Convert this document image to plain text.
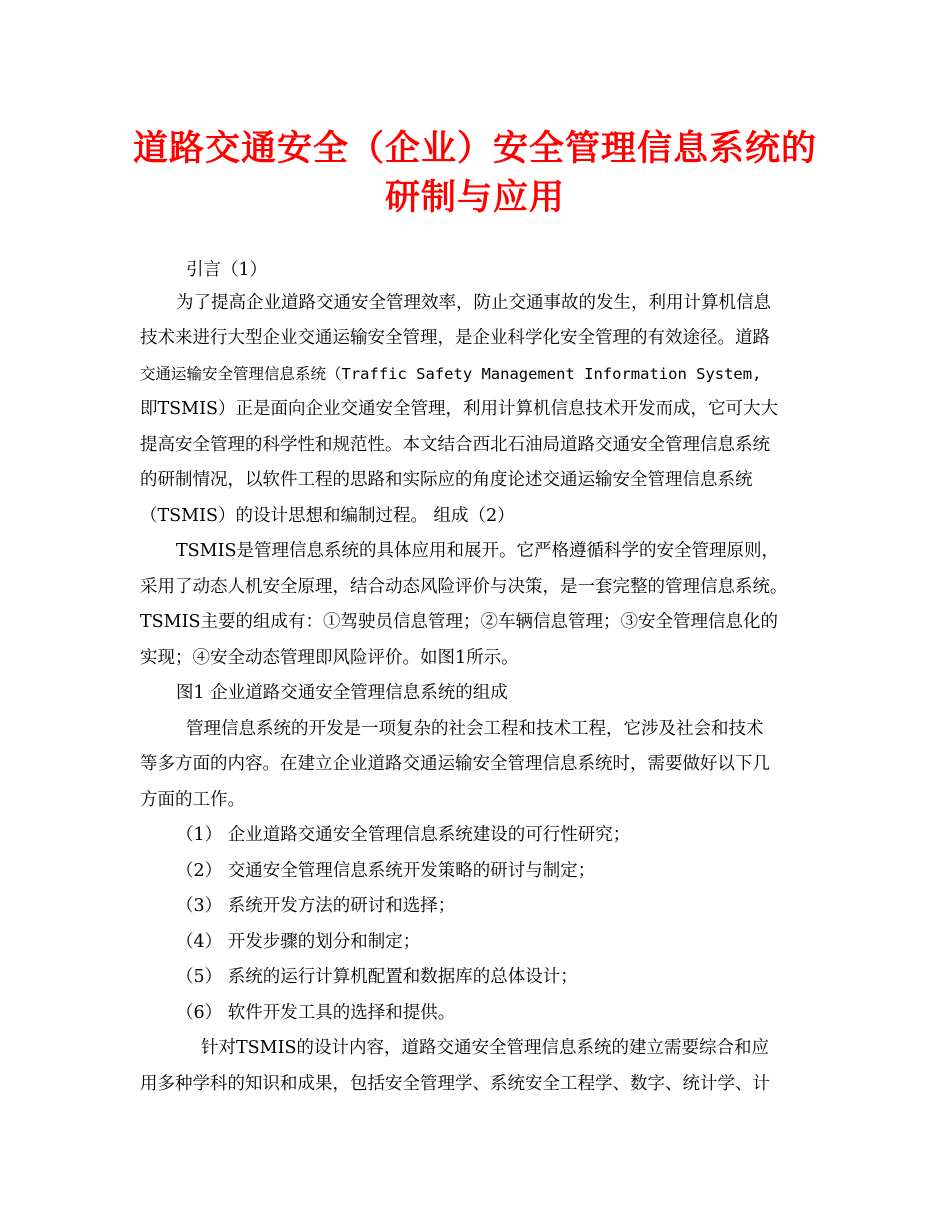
道路交通安全（企业）安全管理信息系统的
研制与应用
引言（1）
为了提高企业道路交通安全管理效率，防止交通事故的发生，利用计算机信息
技术来进行大型企业交通运输安全管理，是企业科学化安全管理的有效途径。道路
交通运输安全管理信息系统（Traffic Safety Management Information System,
即TSMIS）正是面向企业交通安全管理，利用计算机信息技术开发而成，它可大大
提高安全管理的科学性和规范性。本文结合西北石油局道路交通安全管理信息系统
的研制情况，以软件工程的思路和实际应的角度论述交通运输安全管理信息系统
（TSMIS）的设计思想和编制过程。 组成（2）
TSMIS是管理信息系统的具体应用和展开。它严格遵循科学的安全管理原则，
采用了动态人机安全原理，结合动态风险评价与决策，是一套完整的管理信息系统。
TSMIS主要的组成有：①驾驶员信息管理；②车辆信息管理；③安全管理信息化的
实现；④安全动态管理即风险评价。如图1所示。
图1 企业道路交通安全管理信息系统的组成
管理信息系统的开发是一项复杂的社会工程和技术工程，它涉及社会和技术
等多方面的内容。在建立企业道路交通运输安全管理信息系统时，需要做好以下几
方面的工作。
（1） 企业道路交通安全管理信息系统建设的可行性研究；
（2） 交通安全管理信息系统开发策略的研讨与制定；
（3） 系统开发方法的研讨和选择；
（4） 开发步骤的划分和制定；
（5） 系统的运行计算机配置和数据库的总体设计；
（6） 软件开发工具的选择和提供。
针对TSMIS的设计内容，道路交通安全管理信息系统的建立需要综合和应
用多种学科的知识和成果，包括安全管理学、系统安全工程学、数字、统计学、计
